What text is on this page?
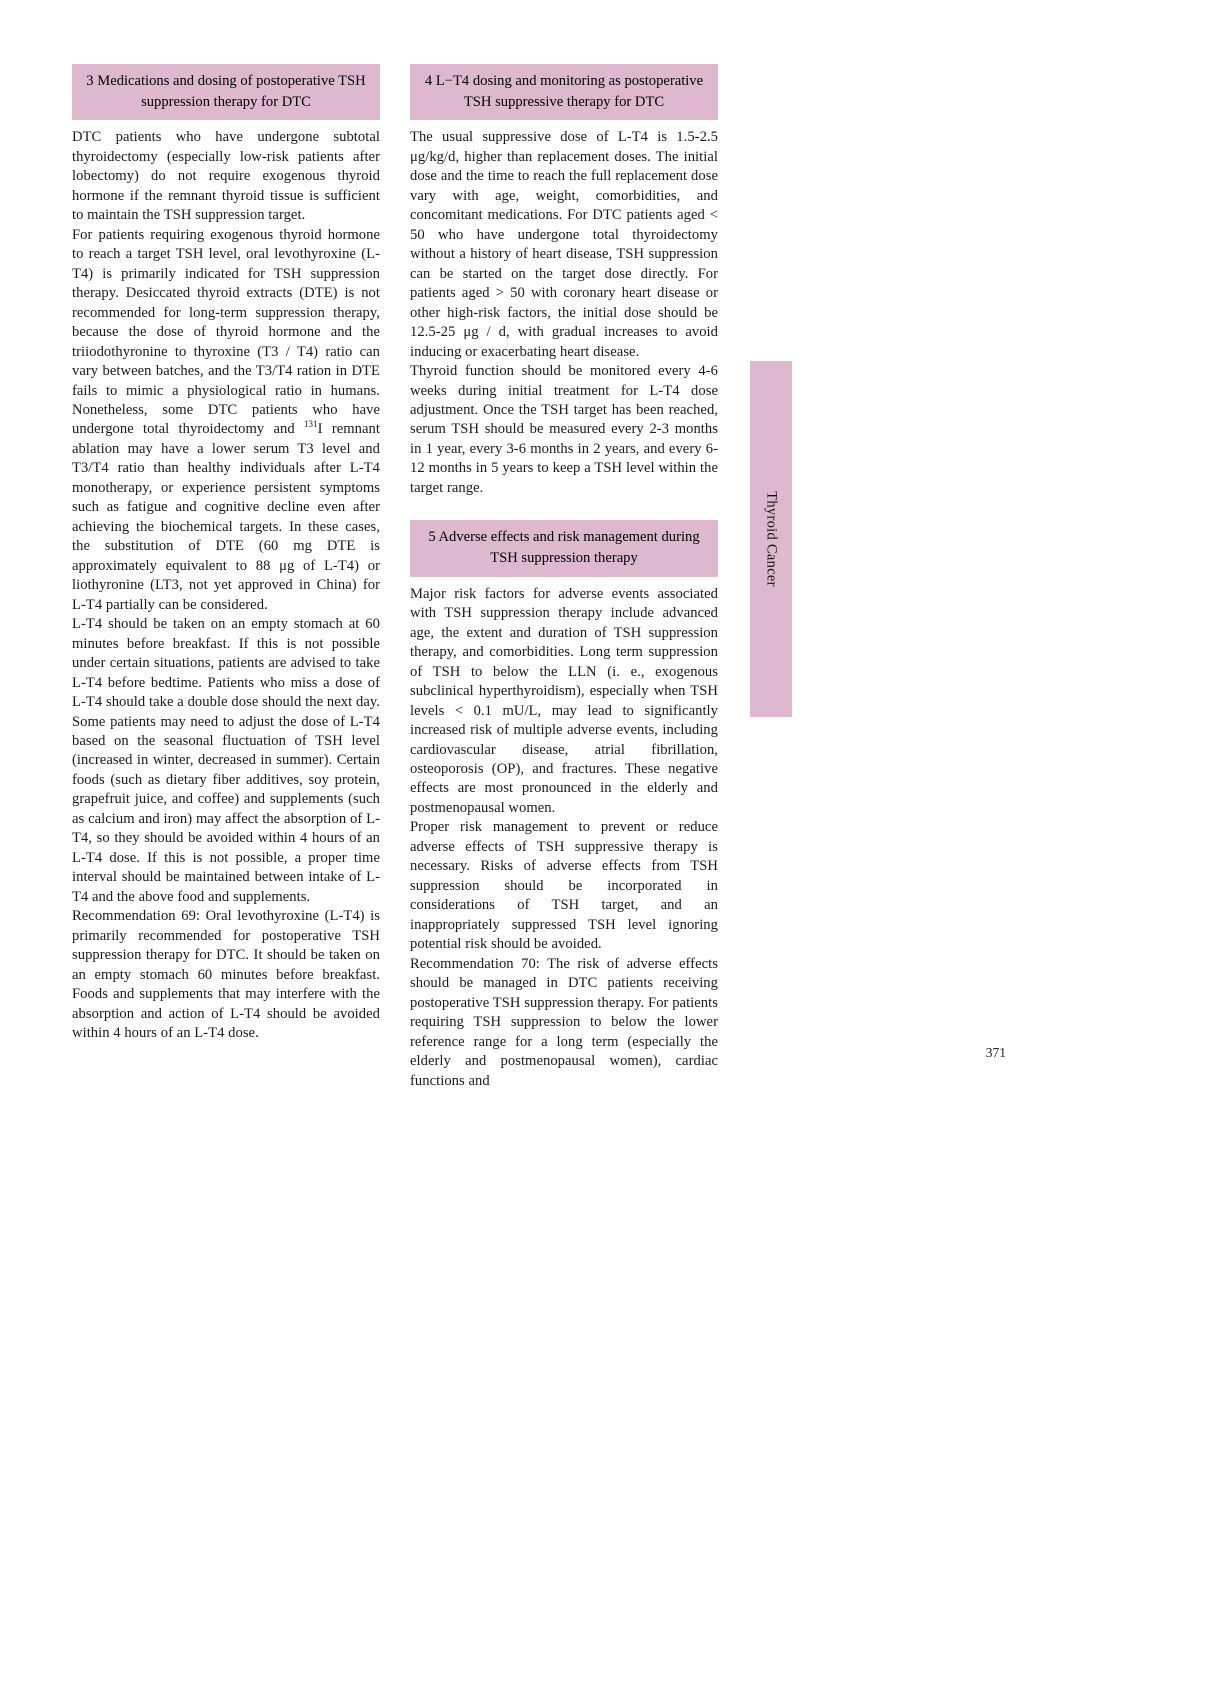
3 Medications and dosing of postoperative TSH suppression therapy for DTC

DTC patients who have undergone subtotal thyroidectomy (especially low-risk patients after lobectomy) do not require exogenous thyroid hormone if the remnant thyroid tissue is sufficient to maintain the TSH suppression target.

For patients requiring exogenous thyroid hormone to reach a target TSH level, oral levothyroxine (L-T4) is primarily indicated for TSH suppression therapy. Desiccated thyroid extracts (DTE) is not recommended for long-term suppression therapy, because the dose of thyroid hormone and the triiodothyronine to thyroxine (T3 / T4) ratio can vary between batches, and the T3/T4 ration in DTE fails to mimic a physiological ratio in humans. Nonetheless, some DTC patients who have undergone total thyroidectomy and $^{131}$I remnant ablation may have a lower serum T3 level and T3/T4 ratio than healthy individuals after L-T4 monotherapy, or experience persistent symptoms such as fatigue and cognitive decline even after achieving the biochemical targets. In these cases, the substitution of DTE (60 mg DTE is approximately equivalent to 88 μg of L-T4) or liothyronine (LT3, not yet approved in China) for L-T4 partially can be considered.

L-T4 should be taken on an empty stomach at 60 minutes before breakfast. If this is not possible under certain situations, patients are advised to take L-T4 before bedtime. Patients who miss a dose of L-T4 should take a double dose should the next day. Some patients may need to adjust the dose of L-T4 based on the seasonal fluctuation of TSH level (increased in winter, decreased in summer). Certain foods (such as dietary fiber additives, soy protein, grapefruit juice, and coffee) and supplements (such as calcium and iron) may affect the absorption of L-T4, so they should be avoided within 4 hours of an L-T4 dose. If this is not possible, a proper time interval should be maintained between intake of L-T4 and the above food and supplements.

Recommendation 69: Oral levothyroxine (L-T4) is primarily recommended for postoperative TSH suppression therapy for DTC. It should be taken on an empty stomach 60 minutes before breakfast. Foods and supplements that may interfere with the absorption and action of L-T4 should be avoided within 4 hours of an L-T4 dose.

4 L−T4 dosing and monitoring as postoperative TSH suppressive therapy for DTC

The usual suppressive dose of L-T4 is 1.5-2.5 μg/kg/d, higher than replacement doses. The initial dose and the time to reach the full replacement dose vary with age, weight, comorbidities, and concomitant medications. For DTC patients aged < 50 who have undergone total thyroidectomy without a history of heart disease, TSH suppression can be started on the target dose directly. For patients aged > 50 with coronary heart disease or other high-risk factors, the initial dose should be 12.5-25 μg / d, with gradual increases to avoid inducing or exacerbating heart disease.

Thyroid function should be monitored every 4-6 weeks during initial treatment for L-T4 dose adjustment. Once the TSH target has been reached, serum TSH should be measured every 2-3 months in 1 year, every 3-6 months in 2 years, and every 6-12 months in 5 years to keep a TSH level within the target range.

5 Adverse effects and risk management during TSH suppression therapy

Major risk factors for adverse events associated with TSH suppression therapy include advanced age, the extent and duration of TSH suppression therapy, and comorbidities. Long term suppression of TSH to below the LLN (i. e., exogenous subclinical hyperthyroidism), especially when TSH levels < 0.1 mU/L, may lead to significantly increased risk of multiple adverse events, including cardiovascular disease, atrial fibrillation, osteoporosis (OP), and fractures. These negative effects are most pronounced in the elderly and postmenopausal women.

Proper risk management to prevent or reduce adverse effects of TSH suppressive therapy is necessary. Risks of adverse effects from TSH suppression should be incorporated in considerations of TSH target, and an inappropriately suppressed TSH level ignoring potential risk should be avoided.

Recommendation 70: The risk of adverse effects should be managed in DTC patients receiving postoperative TSH suppression therapy. For patients requiring TSH suppression to below the lower reference range for a long term (especially the elderly and postmenopausal women), cardiac functions and

Thyroid Cancer
371
